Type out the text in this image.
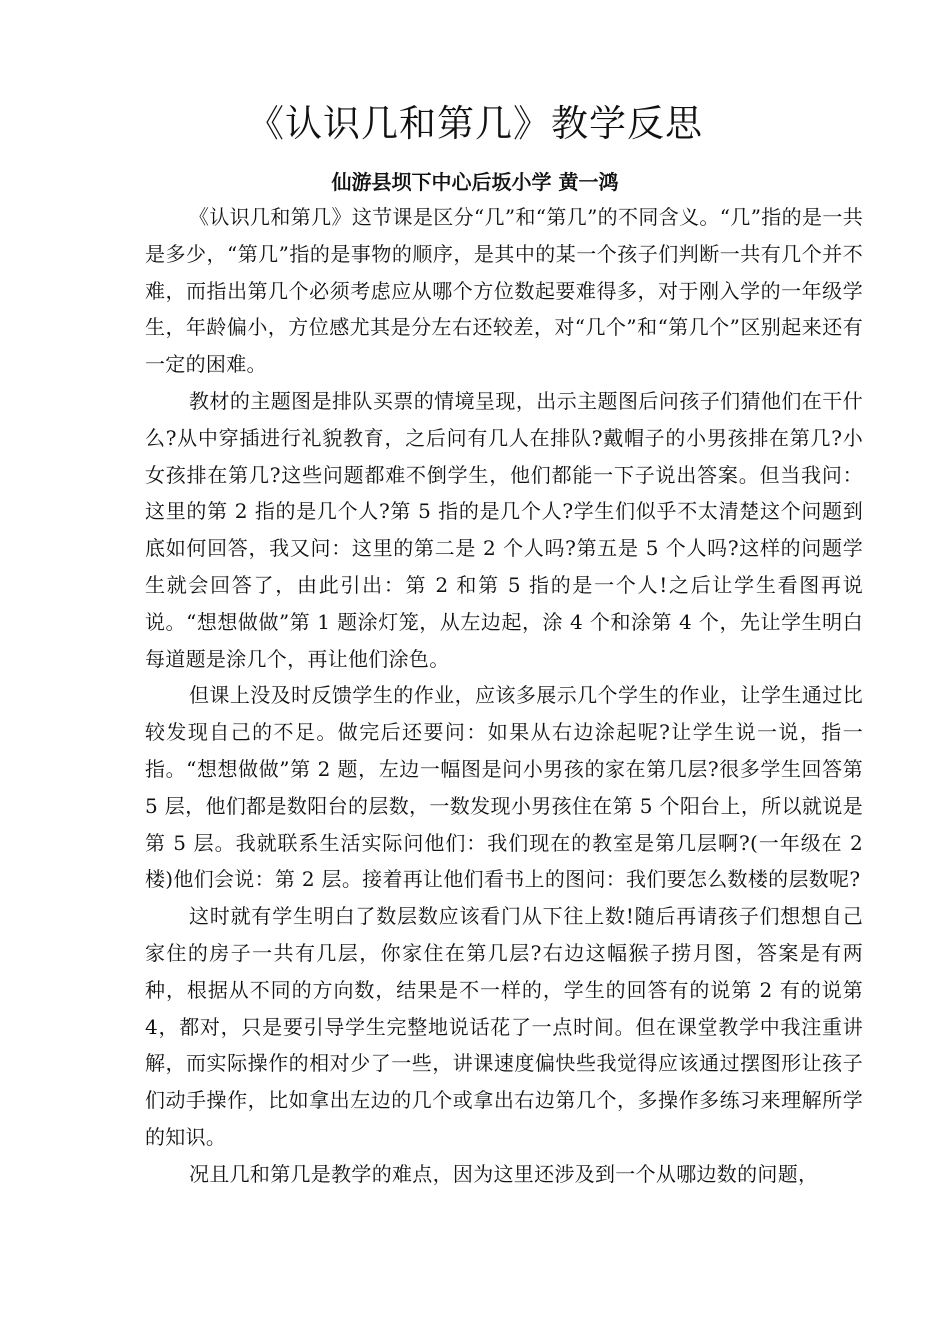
《认识几和第几》教学反思
仙游县坝下中心后坂小学 黄一鸿

《认识几和第几》这节课是区分“几”和“第几”的不同含义。“几”指的是一共是多少，“第几”指的是事物的顺序，是其中的某一个孩子们判断一共有几个并不难，而指出第几个必须考虑应从哪个方位数起要难得多，对于刚入学的一年级学生，年龄偏小，方位感尤其是分左右还较差，对“几个”和“第几个”区别起来还有一定的困难。

教材的主题图是排队买票的情境呈现，出示主题图后问孩子们猜他们在干什么?从中穿插进行礼貌教育，之后问有几人在排队?戴帽子的小男孩排在第几?小女孩排在第几?这些问题都难不倒学生，他们都能一下子说出答案。但当我问：这里的第 2 指的是几个人?第 5 指的是几个人?学生们似乎不太清楚这个问题到底如何回答，我又问：这里的第二是 2 个人吗?第五是 5 个人吗?这样的问题学生就会回答了，由此引出：第 2 和第 5 指的是一个人!之后让学生看图再说说。“想想做做”第 1 题涂灯笼，从左边起，涂 4 个和涂第 4 个，先让学生明白每道题是涂几个，再让他们涂色。

但课上没及时反馈学生的作业，应该多展示几个学生的作业，让学生通过比较发现自己的不足。做完后还要问：如果从右边涂起呢?让学生说一说，指一指。“想想做做”第 2 题，左边一幅图是问小男孩的家在第几层?很多学生回答第 5 层，他们都是数阳台的层数，一数发现小男孩住在第 5 个阳台上，所以就说是第 5 层。我就联系生活实际问他们：我们现在的教室是第几层啊?(一年级在 2 楼)他们会说：第 2 层。接着再让他们看书上的图问：我们要怎么数楼的层数呢?

这时就有学生明白了数层数应该看门从下往上数!随后再请孩子们想想自己家住的房子一共有几层，你家住在第几层?右边这幅猴子捞月图，答案是有两种，根据从不同的方向数，结果是不一样的，学生的回答有的说第 2 有的说第 4，都对，只是要引导学生完整地说话花了一点时间。但在课堂教学中我注重讲解，而实际操作的相对少了一些，讲课速度偏快些我觉得应该通过摆图形让孩子们动手操作，比如拿出左边的几个或拿出右边第几个，多操作多练习来理解所学的知识。

况且几和第几是教学的难点，因为这里还涉及到一个从哪边数的问题，
